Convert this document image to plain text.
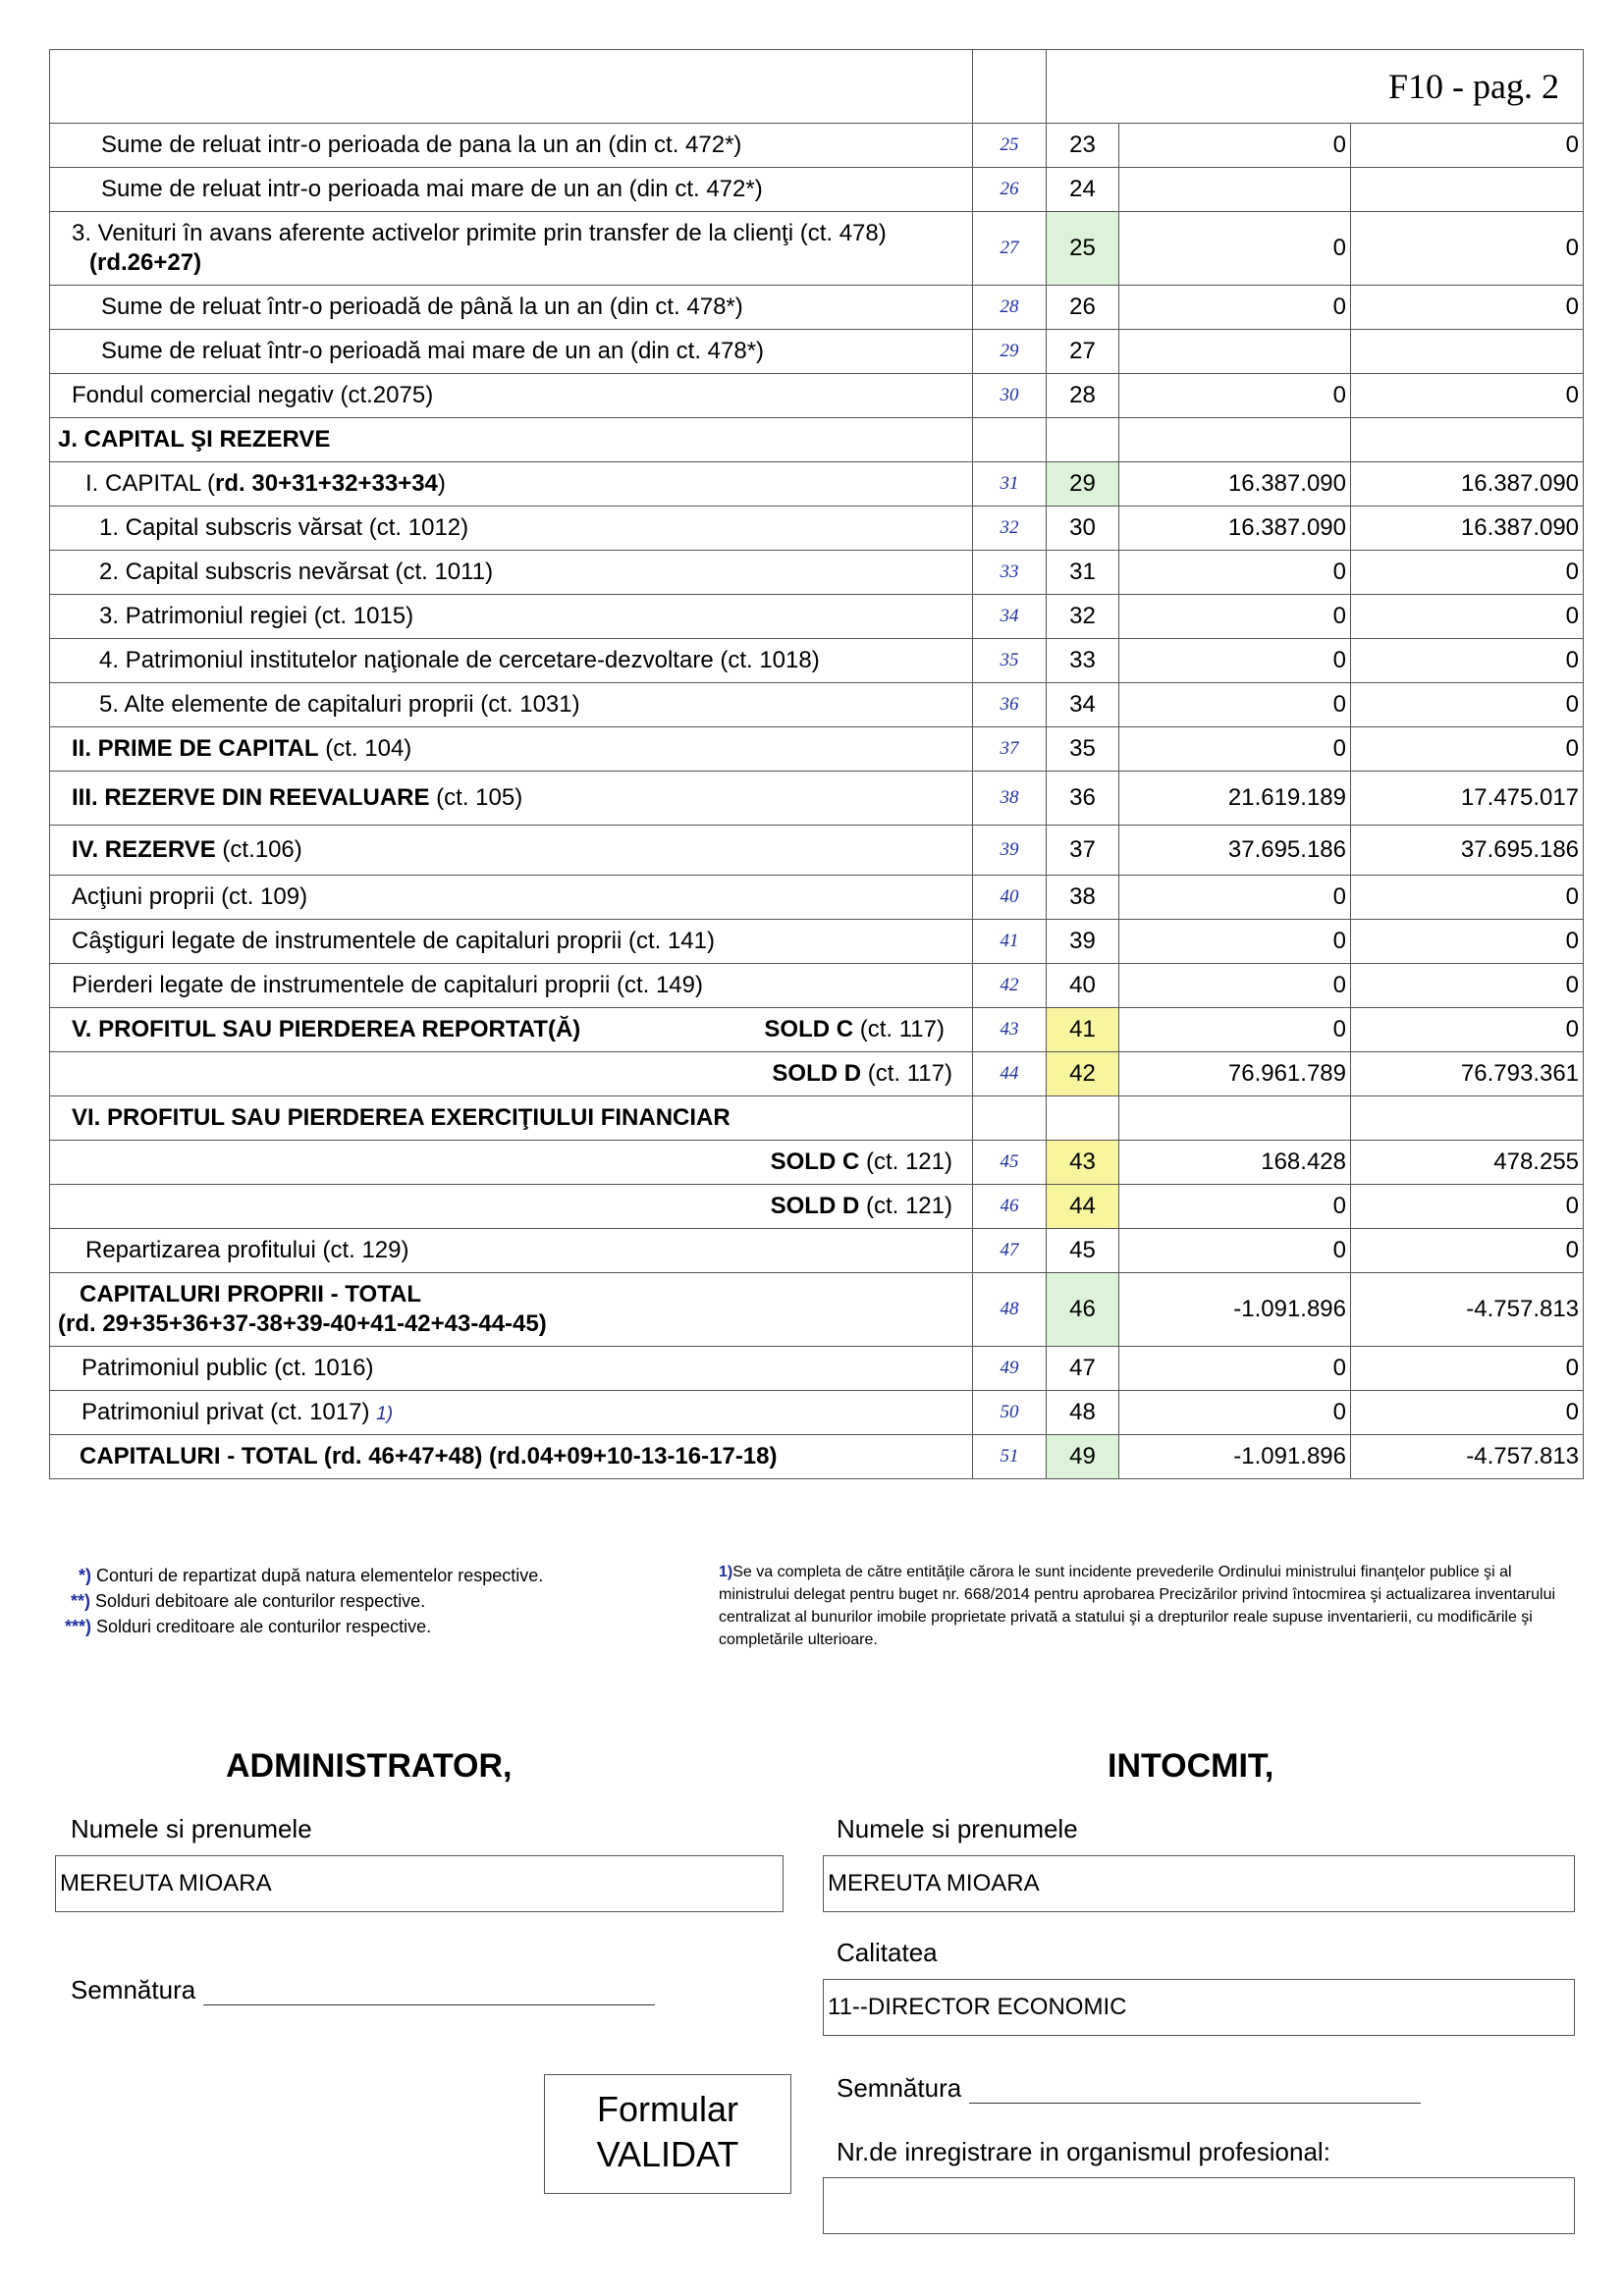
		F10 - pag. 2		

Sume de reluat intr-o perioada de pana la un an (din ct. 472*)	25	23	0	0
Sume de reluat intr-o perioada mai mare de un an (din ct. 472*)	26	24		
3. Venituri în avans aferente activelor primite prin transfer de la clienţi (ct. 478)
(rd.26+27)	27	25	0	0
Sume de reluat într-o perioadă de până la un an (din ct. 478*)	28	26	0	0
Sume de reluat într-o perioadă mai mare de un an (din ct. 478*)	29	27		
Fondul comercial negativ (ct.2075)	30	28	0	0
J. CAPITAL ŞI REZERVE				
I. CAPITAL (rd. 30+31+32+33+34)	31	29	16.387.090	16.387.090
1. Capital subscris vărsat (ct. 1012)	32	30	16.387.090	16.387.090
2. Capital subscris nevărsat (ct. 1011)	33	31	0	0
3. Patrimoniul regiei (ct. 1015)	34	32	0	0
4. Patrimoniul institutelor naţionale de cercetare-dezvoltare (ct. 1018)	35	33	0	0
5. Alte elemente de capitaluri proprii (ct. 1031)	36	34	0	0
II. PRIME DE CAPITAL (ct. 104)	37	35	0	0
III. REZERVE DIN REEVALUARE (ct. 105)	38	36	21.619.189	17.475.017
IV. REZERVE (ct.106)	39	37	37.695.186	37.695.186
Acţiuni proprii (ct. 109)	40	38	0	0
Câştiguri legate de instrumentele de capitaluri proprii (ct. 141)	41	39	0	0
Pierderi legate de instrumentele de capitaluri proprii (ct. 149)	42	40	0	0

V. PROFITUL SAU PIERDEREA REPORTAT(Ă) SOLD C (ct. 117)	43	41	0	0
SOLD D (ct. 117)	44	42	76.961.789	76.793.361
VI. PROFITUL SAU PIERDEREA EXERCIŢIULUI FINANCIAR				
SOLD C (ct. 121)	45	43	168.428	478.255
SOLD D (ct. 121)	46	44	0	0
Repartizarea profitului (ct. 129)	47	45	0	0
CAPITALURI PROPRII - TOTAL
(rd. 29+35+36+37-38+39-40+41-42+43-44-45)	48	46	-1.091.896	-4.757.813
Patrimoniul public (ct. 1016)	49	47	0	0
Patrimoniul privat (ct. 1017) 1)	50	48	0	0
CAPITALURI - TOTAL (rd. 46+47+48) (rd.04+09+10-13-16-17-18)	51	49	-1.091.896	-4.757.813
*) Conturi de repartizat după natura elementelor respective.
**) Solduri debitoare ale conturilor respective.
***) Solduri creditoare ale conturilor respective.
1)Se va completa de către entităţile cărora le sunt incidente prevederile Ordinului ministrului finanţelor publice şi al ministrului delegat pentru buget nr. 668/2014 pentru aprobarea Precizărilor privind întocmirea şi actualizarea inventarului centralizat al bunurilor imobile proprietate privată a statului şi a drepturilor reale supuse inventarierii, cu modificările şi completările ulterioare.
ADMINISTRATOR,
Numele si prenumele
MEREUTA MIOARA
Semnătura
INTOCMIT,
Numele si prenumele
MEREUTA MIOARA
Calitatea
11--DIRECTOR ECONOMIC
Semnătura
Nr.de inregistrare in organismul profesional:
Formular
VALIDAT
